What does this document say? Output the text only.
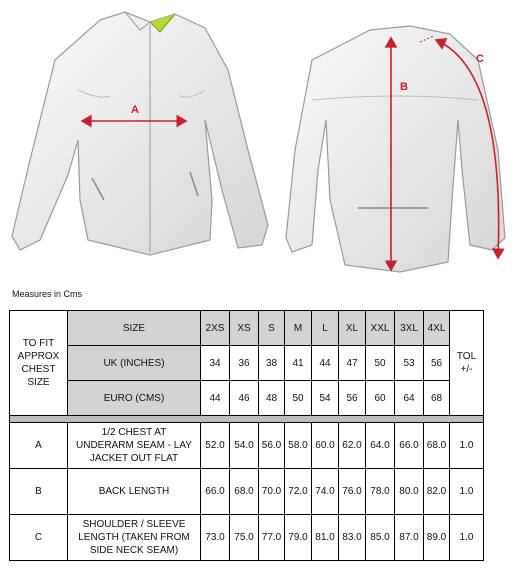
A
B
C
Measures in Cms
TO FIT
APPROX
CHEST
SIZE	SIZE	2XS	XS	S	M	L	XL	XXL	3XL	4XL	TOL
+/-
	UK (INCHES)	34	36	38	41	44	47	50	53	56	
	EURO (CMS)	44	46	48	50	54	56	60	64	68	

A	1/2 CHEST AT
UNDERARM SEAM - LAY
JACKET OUT FLAT	52.0	54.0	56.0	58.0	60.0	62.0	64.0	66.0	68.0	1.0
B	BACK LENGTH	66.0	68.0	70.0	72.0	74.0	76.0	78.0	80.0	82.0	1.0
C	SHOULDER / SLEEVE
LENGTH (TAKEN FROM
SIDE NECK SEAM)	73.0	75.0	77.0	79.0	81.0	83.0	85.0	87.0	89.0	1.0
